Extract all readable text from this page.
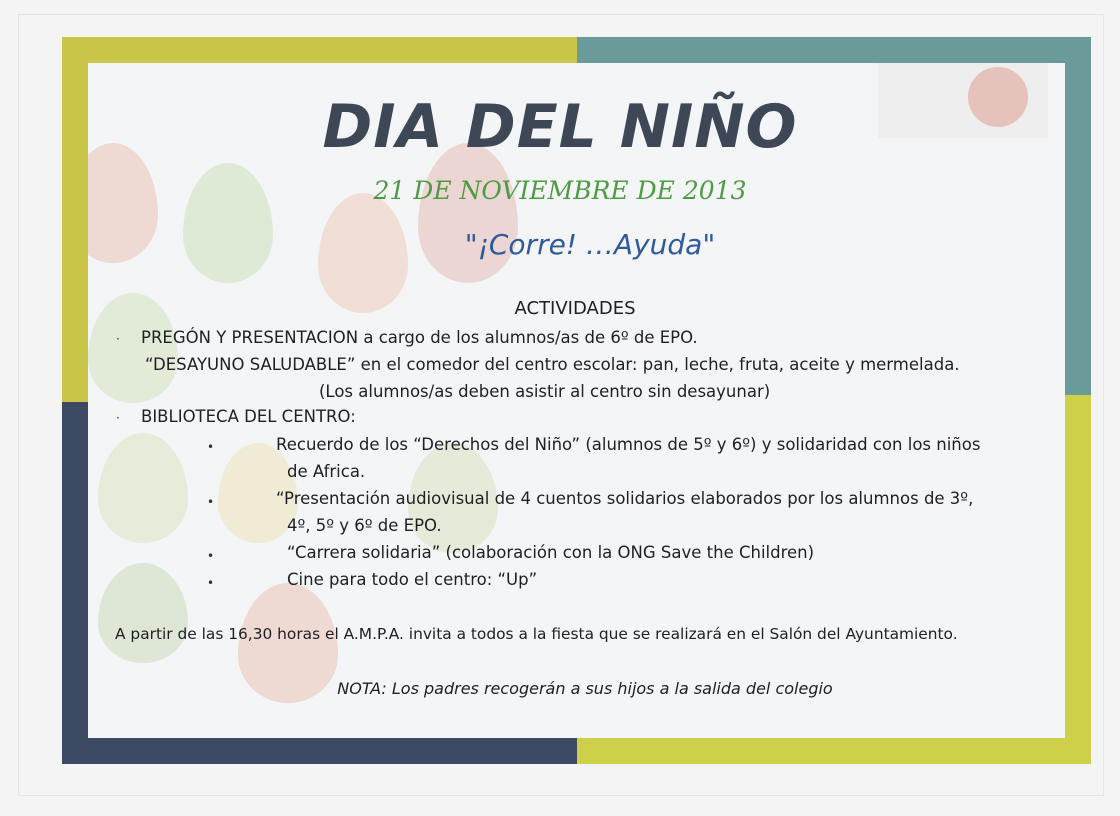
DIA DEL NIÑO
21 DE NOVIEMBRE DE 2013
"¡Corre! …Ayuda"
ACTIVIDADES
· PREGÓN Y PRESENTACION a cargo de los alumnos/as de 6º de EPO.
“DESAYUNO SALUDABLE” en el comedor del centro escolar: pan, leche, fruta, aceite y mermelada.
(Los alumnos/as deben asistir al centro sin desayunar)
· BIBLIOTECA DEL CENTRO:
•	Recuerdo de los “Derechos del Niño” (alumnos de 5º y 6º) y solidaridad con los niños
de Africa.
•	“Presentación audiovisual de 4 cuentos solidarios elaborados por los alumnos de 3º,
4º, 5º y 6º de EPO.
•	“Carrera solidaria” (colaboración con la ONG Save the Children)
•	Cine para todo el centro: “Up”
A partir de las 16,30 horas el A.M.P.A. invita a todos a la fiesta que se realizará en el Salón del Ayuntamiento.
NOTA: Los padres recogerán a sus hijos a la salida del colegio
